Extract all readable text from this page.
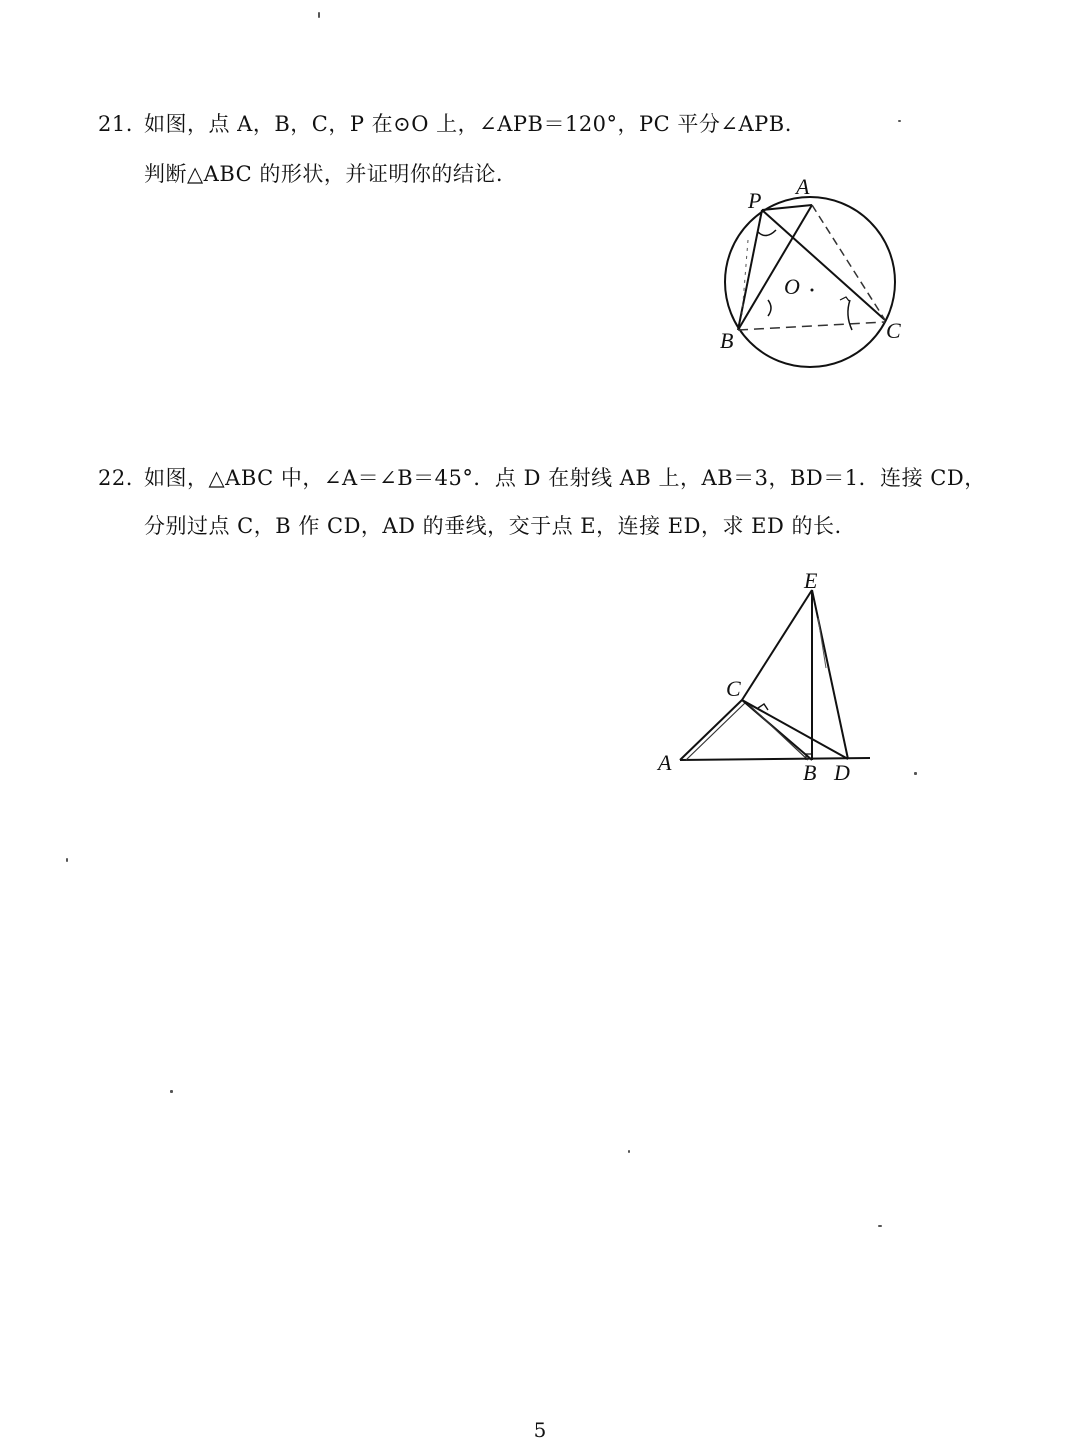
21. 如图，点 A，B，C，P 在⊙O 上，∠APB＝120°，PC 平分∠APB.
判断△ABC 的形状，并证明你的结论.
P
A
O
B	C
22. 如图，△ABC 中，∠A＝∠B＝45°．点 D 在射线 AB 上，AB＝3，BD＝1．连接 CD，
分别过点 C，B 作 CD，AD 的垂线，交于点 E，连接 ED，求 ED 的长.
E
C
A	B D
5
